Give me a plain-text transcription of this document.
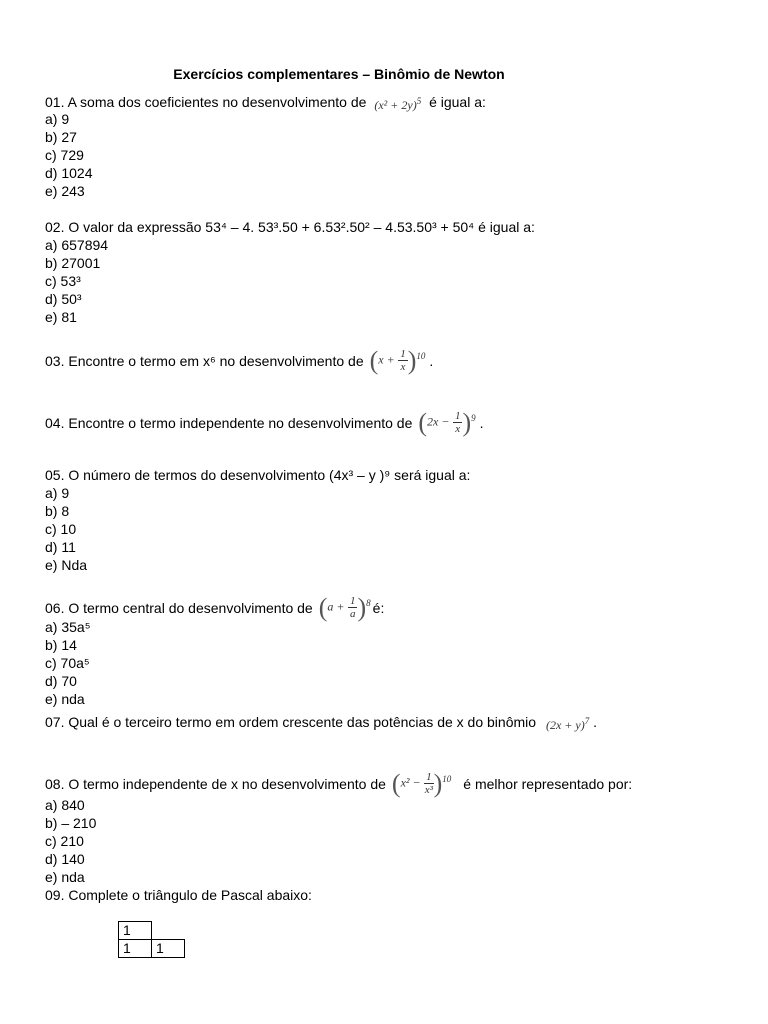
Exercícios complementares – Binômio de Newton
01. A soma dos coeficientes no desenvolvimento de $(x^2 + 2y)^5$ é igual a:
a) 9
b) 27
c) 729
d) 1024
e) 243
02. O valor da expressão 53⁴ – 4. 53³.50 + 6.53².50² – 4.53.50³ + 50⁴ é igual a:
a) 657894
b) 27001
c) 53³
d) 50³
e) 81
03. Encontre o termo em x⁶ no desenvolvimento de $(x + \frac{1}{x} )^{10}$ .
04. Encontre o termo independente no desenvolvimento de $(2x - \frac{1}{x} )^9$ .
05. O número de termos do desenvolvimento (4x³ – y )⁹ será igual a:
a) 9
b) 8
c) 10
d) 11
e) Nda
06. O termo central do desenvolvimento de $(a + \frac{1}{a} )^8$ é:
a) 35a⁵
b) 14
c) 70a⁵
d) 70
e) nda
07. Qual é o terceiro termo em ordem crescente das potências de x do binômio $(2x + y)^7$ .
08. O termo independente de x no desenvolvimento de $(x^2 - \frac{1}{\text{x³}} )^{10}$ é melhor representado por:
a) 840
b) – 210
c) 210
d) 140
e) nda
09. Complete o triângulo de Pascal abaixo:
1	
1	1
